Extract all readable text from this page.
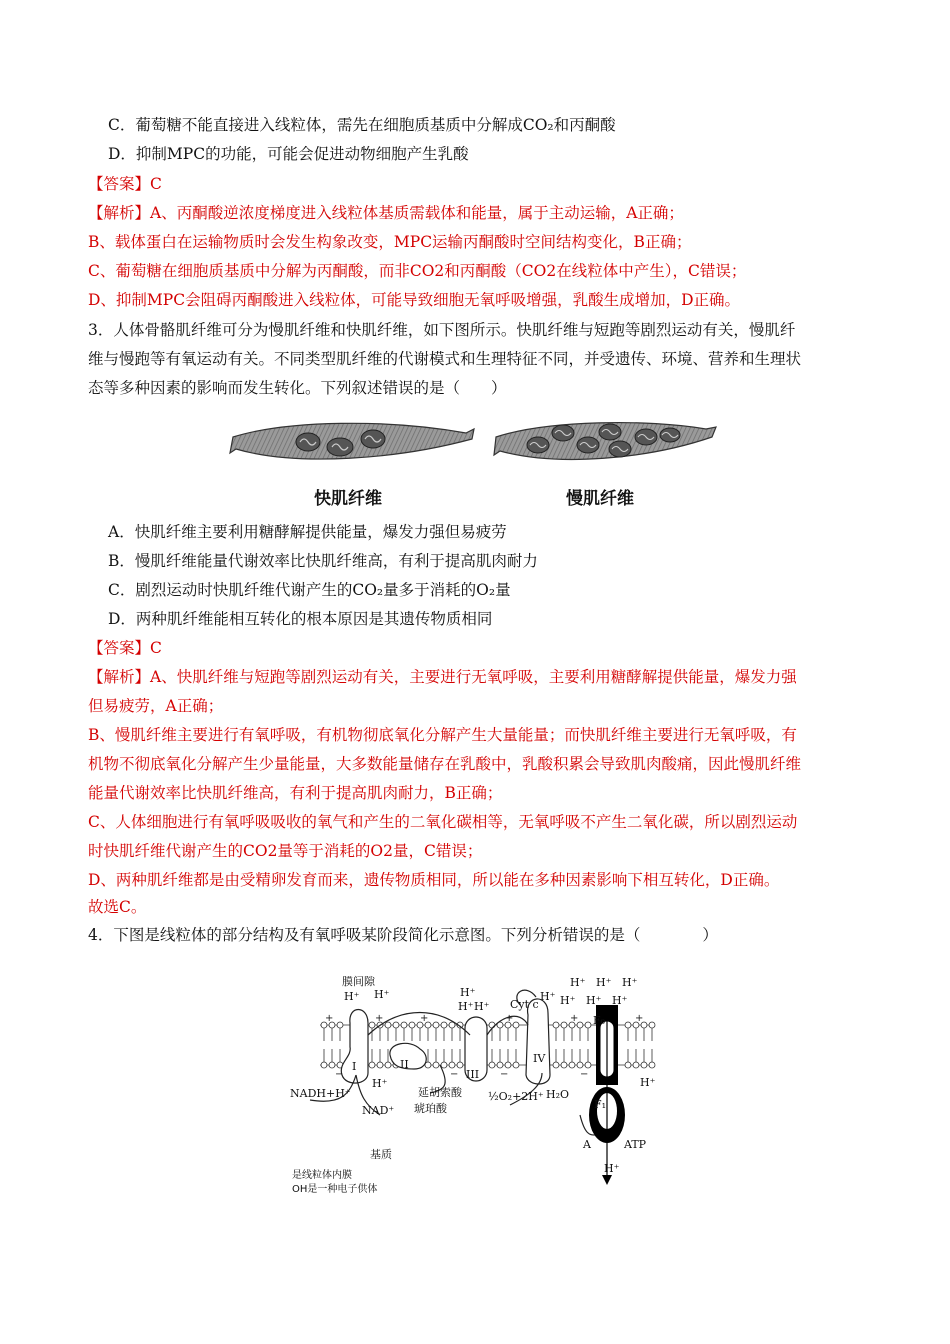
C．葡萄糖不能直接进入线粒体，需先在细胞质基质中分解成CO₂和丙酮酸
D．抑制MPC的功能，可能会促进动物细胞产生乳酸
【答案】C
【解析】A、丙酮酸逆浓度梯度进入线粒体基质需载体和能量，属于主动运输，A正确；
B、载体蛋白在运输物质时会发生构象改变，MPC运输丙酮酸时空间结构变化，B正确；
C、葡萄糖在细胞质基质中分解为丙酮酸，而非CO2和丙酮酸（CO2在线粒体中产生），C错误；
D、抑制MPC会阻碍丙酮酸进入线粒体，可能导致细胞无氧呼吸增强，乳酸生成增加，D正确。
3．人体骨骼肌纤维可分为慢肌纤维和快肌纤维，如下图所示。快肌纤维与短跑等剧烈运动有关，慢肌纤
维与慢跑等有氧运动有关。不同类型肌纤维的代谢模式和生理特征不同，并受遗传、环境、营养和生理状
态等多种因素的影响而发生转化。下列叙述错误的是（　　）
快肌纤维	慢肌纤维
A．快肌纤维主要利用糖酵解提供能量，爆发力强但易疲劳
B．慢肌纤维能量代谢效率比快肌纤维高，有利于提高肌肉耐力
C．剧烈运动时快肌纤维代谢产生的CO₂量多于消耗的O₂量
D．两种肌纤维能相互转化的根本原因是其遗传物质相同
【答案】C
【解析】A、快肌纤维与短跑等剧烈运动有关，主要进行无氧呼吸，主要利用糖酵解提供能量，爆发力强
但易疲劳，A正确；
B、慢肌纤维主要进行有氧呼吸，有机物彻底氧化分解产生大量能量；而快肌纤维主要进行无氧呼吸，有
机物不彻底氧化分解产生少量能量，大多数能量储存在乳酸中，乳酸积累会导致肌肉酸痛，因此慢肌纤维
能量代谢效率比快肌纤维高，有利于提高肌肉耐力，B正确；
C、人体细胞进行有氧呼吸吸收的氧气和产生的二氧化碳相等，无氧呼吸不产生二氧化碳，所以剧烈运动
时快肌纤维代谢产生的CO2量等于消耗的O2量，C错误；
D、两种肌纤维都是由受精卵发育而来，遗传物质相同，所以能在多种因素影响下相互转化，D正确。
故选C。
4．下图是线粒体的部分结构及有氧呼吸某阶段简化示意图。下列分析错误的是（　　　　）
+	+	+	+	+	+
−	−	−	−
膜间隙
H⁺ H⁺	H⁺
H⁺ H⁺ Cyt c
H⁺
H⁺ H⁺ H⁺
H⁺ H⁺ H⁺
I	II
III
IV
F₀
F₁
H⁺	H⁺
NADH+H⁺
NAD⁺
延胡索酸
琥珀酸
½O₂+2H⁺ H₂O
A	ATP
H⁺
基质
是线粒体内膜
OH是一种电子供体
